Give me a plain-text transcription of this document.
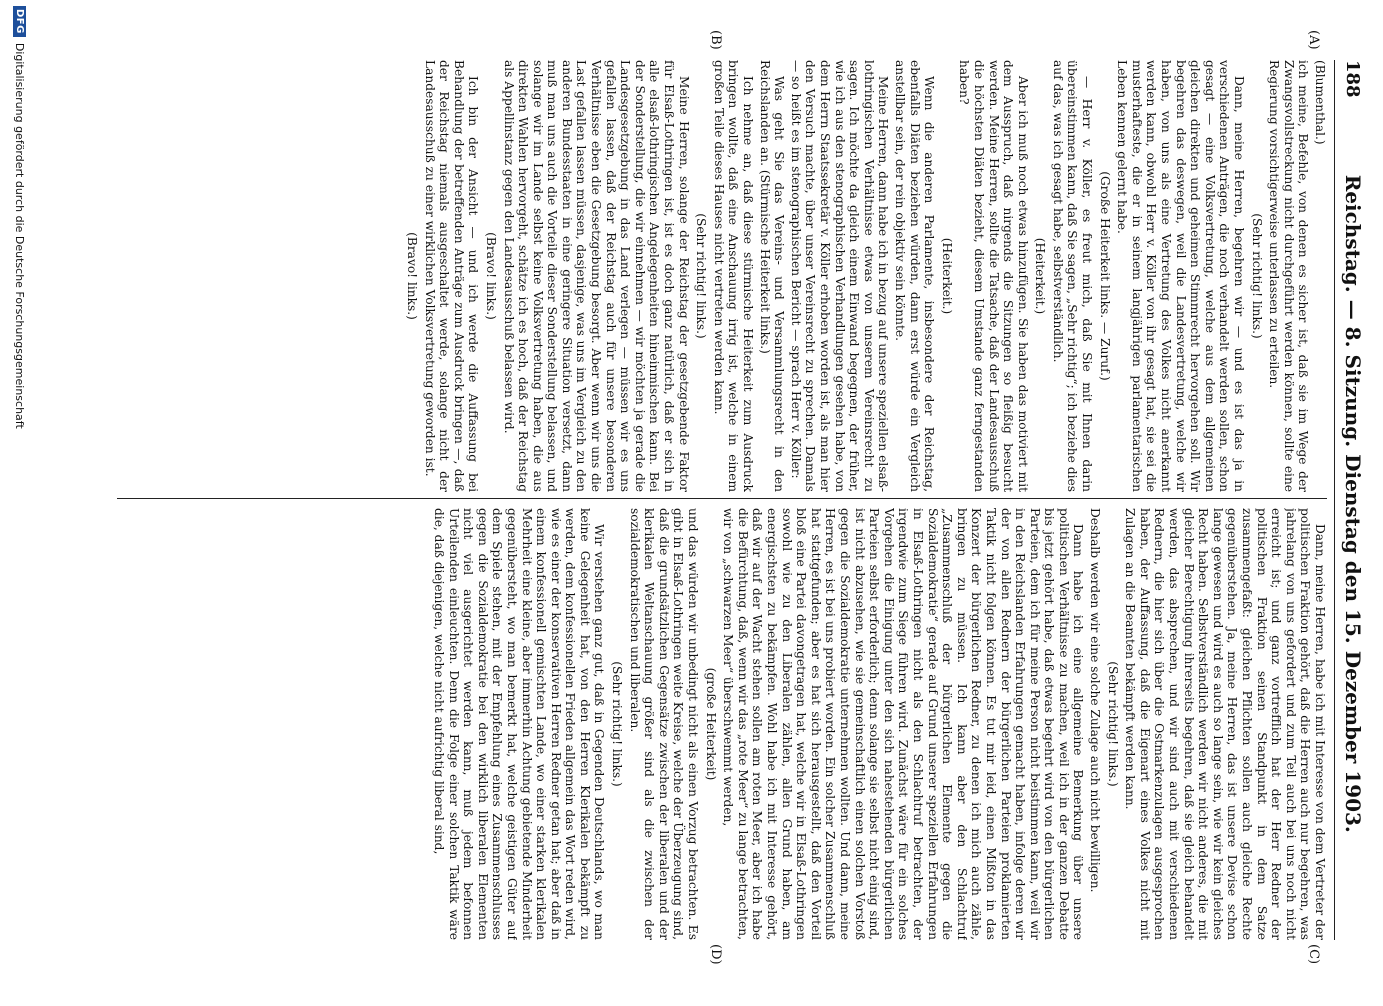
188
Reichstag. — 8. Sitzung. Dienstag den 15. Dezember 1903.
(A)
(B)
(C)
(D)

(Blumenthal.)

ich meine, Befehle, von denen es sicher ist, daß sie im Wege der Zwangsvollstreckung nicht durchgeführt werden können, sollte eine Regierung vorsichtigerweise unterlassen zu erteilen.

(Sehr richtig! links.)

Dann, meine Herren, begehren wir — und es ist das ja in verschiedenen Anträgen, die noch verhandelt werden sollen, schon gesagt — eine Volksvertretung, welche aus dem allgemeinen gleichen direkten und geheimen Stimmrecht hervorgehen soll. Wir begehren das deswegen, weil die Landesvertretung, welche wir haben, von uns als eine Vertretung des Volkes nicht anerkannt werden kann, obwohl Herr v. Köller von ihr gesagt hat, sie sei die musterhafteste, die er in seinem langjährigen parlamentarischen Leben kennen gelernt habe.

(Große Heiterkeit links. — Zuruf.)

— Herr v. Köller, es freut mich, daß Sie mit Ihnen darin übereinstimmen kann, daß Sie sagen, „Sehr richtig“; ich beziehe dies auf das, was ich gesagt habe, selbstverständlich.

(Heiterkeit.)

Aber ich muß noch etwas hinzufügen. Sie haben das motiviert mit dem Ausspruch, daß nirgends die Sitzungen so fleißig besucht werden. Meine Herren, sollte die Tatsache, daß der Landesausschuß die höchsten Diäten bezieht, diesem Umstande ganz ferngestanden haben?

(Heiterkeit.)

Wenn die anderen Parlamente, insbesondere der Reichstag, ebenfalls Diäten beziehen würden, dann erst würde ein Vergleich anstellbar sein, der rein objektiv sein könnte.

Meine Herren, dann habe ich in bezug auf unsere speziellen elsaß-lothringischen Verhältnisse etwas von unserem Vereinsrecht zu sagen. Ich möchte da gleich einem Einwand begegnen, der früher, wie ich aus den stenographischen Verhandlungen gesehen habe, von dem Herrn Staatssekretär v. Köller erhoben worden ist, als man hier den Versuch machte, über unser Vereinsrecht zu sprechen. Damals — so heißt es im stenographischen Bericht — sprach Herr v. Köller:

Was geht Sie das Vereins- und Versammlungsrecht in den Reichslanden an. (Stürmische Heiterkeit links.)

Ich nehme an, daß diese stürmische Heiterkeit zum Ausdruck bringen wollte, daß eine Anschauung irrig ist, welche in einem großen Teile dieses Hauses nicht vertreten werden kann.

(Sehr richtig! links.)

Meine Herren, solange der Reichstag der gesetzgebende Faktor für Elsaß-Lothringen ist, ist es doch ganz natürlich, daß er sich in alle elsaß-lothringischen Angelegenheiten hineinmischen kann. Bei der Sonderstellung, die wir einnehmen — wir möchten ja gerade die Landesgesetzgebung in das Land verlegen — müssen wir es uns gefallen lassen, daß der Reichstag auch für unsere besonderen Verhältnisse eben die Gesetzgebung besorgt. Aber wenn wir uns die Last gefallen lassen müssen, dasjenige, was uns im Vergleich zu den anderen Bundesstaaten in eine geringere Situation versetzt, dann muß man uns auch die Vorteile dieser Sonderstellung belassen, und solange wir im Lande selbst keine Volksvertretung haben, die aus direkten Wahlen hervorgeht, schätze ich es hoch, daß der Reichstag als Appellinstanz gegen den Landesausschuß belassen wird.

(Bravo! links.)

Ich bin der Ansicht — und ich werde die Auffassung bei Behandlung der betreffenden Anträge zum Ausdruck bringen —, daß der Reichstag niemals ausgeschaltet werde, solange nicht der Landesausschuß zu einer wirklichen Volksvertretung geworden ist.

(Bravo! links.)

Dann, meine Herren, habe ich mit Interesse von dem Vertreter der politischen Fraktion gehört, daß die Herren auch nur begehren, was jahrelang von uns gefordert und zum Teil auch bei uns noch nicht erreicht ist; und ganz vortrefflich hat der Herr Redner der politischen Fraktion seinen Standpunkt in dem Satze zusammengefaßt: gleichen Pflichten sollen auch gleiche Rechte gegenüberstehen. Ja, meine Herren, das ist unsere Devise schon lange gewesen und wird es auch so lange sein, wie wir kein gleiches Recht haben. Selbstverständlich werden wir nicht anderes, die mit gleicher Berechtigung ihrerseits begehren, daß sie gleich behandelt werden, das absprechen, und wir sind auch mit verschiedenen Rednern, die hier sich über die Ostmarkenzulagen ausgesprochen haben, der Auffassung, daß die Eigenart eines Volkes nicht mit Zulagen an die Beamten bekämpft werden kann.

(Sehr richtig! links.)

Deshalb werden wir eine solche Zulage auch nicht bewilligen.

Dann habe ich eine allgemeine Bemerkung über unsere politischen Verhältnisse zu machen, weil ich in der ganzen Debatte bis jetzt gehört habe, daß etwas begehrt wird von den bürgerlichen Parteien, dem ich für meine Person nicht beistimmen kann, weil wir in den Reichslanden Erfahrungen gemacht haben, infolge deren wir der von allen Rednern der bürgerlichen Parteien proklamierten Taktik nicht folgen können. Es tut mir leid, einen Mißton in das Konzert der bürgerlichen Redner, zu denen ich mich auch zähle, bringen zu müssen. Ich kann aber den Schlachtruf „Zusammenschluß der bürgerlichen Elemente gegen die Sozialdemokratie“ gerade auf Grund unserer speziellen Erfahrungen in Elsaß-Lothringen nicht als den Schlachtruf betrachten, der irgendwie zum Siege führen wird. Zunächst wäre für ein solches Vorgehen die Einigung unter den sich nahestehenden bürgerlichen Parteien selbst erforderlich; denn solange sie selbst nicht einig sind, ist nicht abzusehen, wie sie gemeinschaftlich einen solchen Vorstoß gegen die Sozialdemokratie unternehmen wollten. Und dann, meine Herren, es ist bei uns probiert worden. Ein solcher Zusammenschluß hat stattgefunden; aber es hat sich herausgestellt, daß den Vorteil bloß eine Partei davongetragen hat, welche wir in Elsaß-Lothringen sowohl wie zu den Liberalen zählen, allen Grund haben, am energischsten zu bekämpfen. Wohl habe ich mit Interesse gehört, daß wir auf der Wacht stehen sollen am roten Meer, aber ich habe die Befürchtung, daß, wenn wir das „rote Meer“ zu lange betrachten, wir von „schwarzen Meer“ überschwemmt werden,

(große Heiterkeit)

und das würden wir unbedingt nicht als einen Vorzug betrachten. Es gibt in Elsaß-Lothringen weite Kreise, welche der Überzeugung sind, daß die grundsätzlichen Gegensätze zwischen der liberalen und der klerikalen Weltanschauung größer sind als die zwischen der sozialdemokratischen und liberalen.

(Sehr richtig! links.)

Wir verstehen ganz gut, daß in Gegenden Deutschlands, wo man keine Gelegenheit hat, von den Herren Klerikalen bekämpft zu werden, dem konfessionellen Frieden allgemein das Wort reden wird, wie es einer der konservativen Herren Redner getan hat; aber daß in einem konfessionell gemischten Lande, wo einer starken klerikalen Mehrheit eine kleine, aber immerhin Achtung gebietende Minderheit gegenübersteht, wo man bemerkt hat, welche geistigen Güter auf dem Spiele stehen, mit der Empfehlung eines Zusammenschlusses gegen die Sozialdemokratie bei den wirklich liberalen Elementen nicht viel ausgerichtet werden kann, muß jedem befonnen Urteilenden einleuchten. Denn die Folge einer solchen Taktik wäre die, daß diejenigen, welche nicht aufrichtig liberal sind,

DFG
Digitalisierung gefördert durch die Deutsche Forschungsgemeinschaft
